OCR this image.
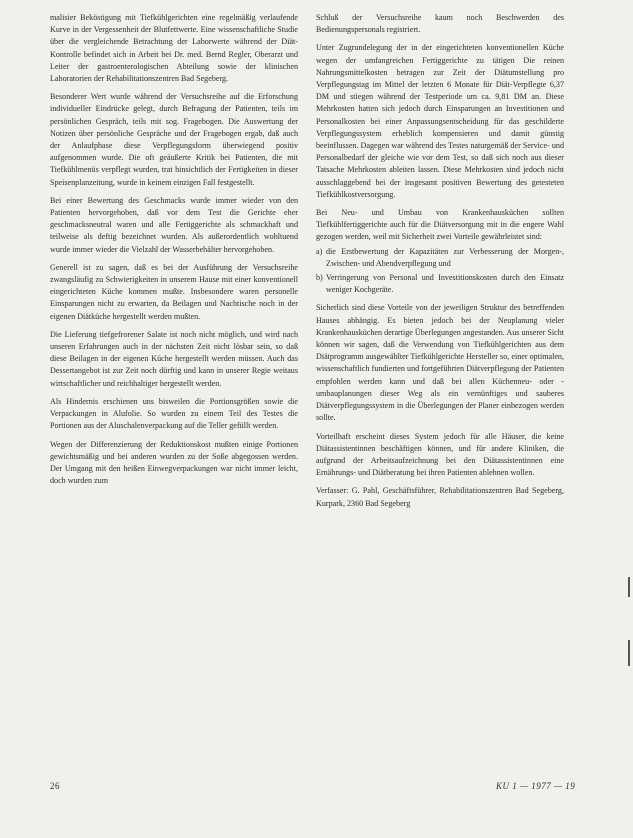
malisier Beköstigung mit Tiefkühlgerichten eine regelmäßig verlaufende Kurve in der Vergessenheit der Blutfettwerte. Eine wissenschaftliche Studie über die vergleichende Betrachtung der Laborwerte während der Diät-Kontrolle befindet sich in Arbeit bei Dr. med. Bernd Regler, Oberarzt und Leiter der gastroenterologischen Abteilung sowie der klinischen Laboratorien der Rehabilitationszentren Bad Segeberg.

Besonderer Wert wurde während der Versuchsreihe auf die Erforschung individueller Eindrücke gelegt, durch Befragung der Patienten, teils im persönlichen Gespräch, teils mit sog. Fragebogen. Die Auswertung der Notizen über persönliche Gespräche und der Fragebogen ergab, daß auch der Anlaufphase diese Verpflegungsform überwiegend positiv aufgenommen wurde. Die oft geäußerte Kritik bei Patienten, die mit Tiefkühlmenüs verpflegt wurden, trat hinsichtlich der Fertigkeiten in dieser Speisenplanzeitung, wurde in keinem einzigen Fall festgestellt.

Bei einer Bewertung des Geschmacks wurde immer wieder von den Patienten hervorgehoben, daß vor dem Test die Gerichte eher geschmacksneutral waren und alle Fertiggerichte als schmackhaft und teilweise als deftig bezeichnet wurden. Als außerordentlich wohltuend wurde immer wieder die Vielzahl der Wasserbehälter hervorgehoben.

Generell ist zu sagen, daß es bei der Ausführung der Versuchsreihe zwangsläufig zu Schwierigkeiten in unserem Hause mit einer konventionell eingerichteten Küche kommen mußte. Insbesondere waren personelle Einsparungen nicht zu erwarten, da Beilagen und Nachtische noch in der eigenen Diätküche hergestellt werden mußten.

Die Lieferung tiefgefrorener Salate ist noch nicht möglich, und wird nach unseren Erfahrungen auch in der nächsten Zeit nicht lösbar sein, so daß diese Beilagen in der eigenen Küche hergestellt werden müssen. Auch das Dessertangebot ist zur Zeit noch dürftig und kann in unserer Regie weitaus wirtschaftlicher und reichhaltiger hergestellt werden.

Als Hindernis erschienen uns bisweilen die Portionsgrößen sowie die Verpackungen in Alufolie. So wurden zu einem Teil des Testes die Portionen aus der Aluschalenverpackung auf die Teller gefüllt werden.

Wegen der Differenzierung der Reduktionskost mußten einige Portionen gewichtsmäßig und bei anderen wurden zu der Soße abgegossen werden. Der Umgang mit den heißen Einwegverpackungen war nicht immer leicht, doch wurden zum

Schluß der Versuchsreihe kaum noch Beschwerden des Bedienungspersonals registriert.

Unter Zugrundelegung der in der eingerichteten konventionellen Küche wegen der umfangreichen Fertiggerichte zu tätigen Die reinen Nahrungsmittelkosten betragen zur Zeit der Diätumstellung pro Verpflegungstag im Mittel der letzten 6 Monate für Diät-Verpflegte 6,37 DM und stiegen während der Testperiode um ca. 9,81 DM an. Diese Mehrkosten hatten sich jedoch durch Einsparungen an Investitionen und Personalkosten bei einer Anpassungsentscheidung für das geschilderte Verpflegungssystem erheblich kompensieren und damit günstig beeinflussen. Dagegen war während des Testes naturgemäß der Service- und Personalbedarf der gleiche wie vor dem Test, so daß sich noch aus dieser Tatsache Mehrkosten ableiten lassen. Diese Mehrkosten sind jedoch nicht ausschlaggebend bei der insgesamt positiven Bewertung des getesteten Tiefkühlkostversorgung.

Bei Neu- und Umbau von Krankenhausküchen sollten Tiefkühlfertiggerichte auch für die Diätversorgung mit in die engere Wahl gezogen werden, weil mit Sicherheit zwei Vorteile gewährleistet sind:

a) die Erstbewertung der Kapazitäten zur Verbesserung der Morgen-, Zwischen- und Abendverpflegung und
b) Verringerung von Personal und Investitionskosten durch den Einsatz weniger Kochgeräte.

Sicherlich sind diese Vorteile von der jeweiligen Struktur des betreffenden Hauses abhängig. Es bieten jedoch bei der Neuplanung vieler Krankenhausküchen derartige Überlegungen angestanden. Aus unserer Sicht können wir sagen, daß die Verwendung von Tiefkühlgerichten aus dem Diätprogramm ausgewählter Tiefkühlgerichte Hersteller so, einer optimalen, wissenschaftlich fundierten und fortgeführten Diätverpflegung der Patienten empfohlen werden kann und daß bei allen Küchenneu- oder -umbauplanungen dieser Weg als ein vernünftiges und sauberes Diätverpflegungssystem in die Überlegungen der Planer einbezogen werden sollte.

Vorteilhaft erscheint dieses System jedoch für alle Häuser, die keine Diätassistentinnen beschäftigen können, und für andere Kliniken, die aufgrund der Arbeitsaufzeichnung bei den Diätassistentinnen eine Ernährungs- und Diätberatung bei ihren Patienten ablehnen wollen.

Verfasser: G. Pahl, Geschäftsführer, Rehabilitationszentren Bad Segeberg, Kurpark, 2360 Bad Segeberg

26	KU 1 — 1977 — 19
